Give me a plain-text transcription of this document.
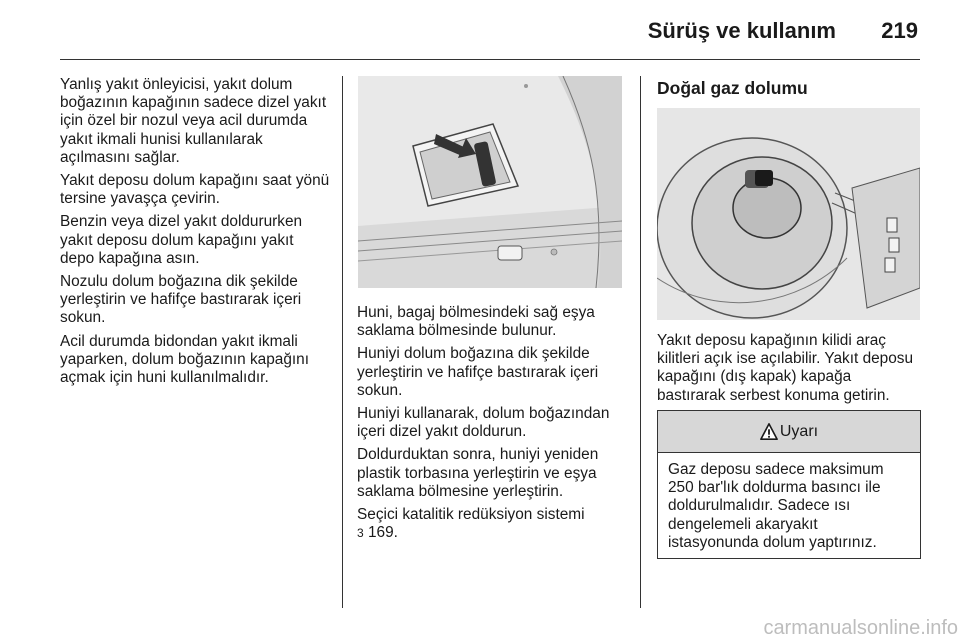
Sürüş ve kullanım 219

Yanlış yakıt önleyicisi, yakıt dolum boğazının kapağının sadece dizel yakıt için özel bir nozul veya acil durumda yakıt ikmali hunisi kullanılarak açılmasını sağlar.

Yakıt deposu dolum kapağını saat yönü tersine yavaşça çevirin.

Benzin veya dizel yakıt doldururken yakıt deposu dolum kapağını yakıt depo kapağına asın.

Nozulu dolum boğazına dik şekilde yerleştirin ve hafifçe bastırarak içeri sokun.

Acil durumda bidondan yakıt ikmali yaparken, dolum boğazının kapağını açmak için huni kullanılmalıdır.

Huni, bagaj bölmesindeki sağ eşya saklama bölmesinde bulunur.

Huniyi dolum boğazına dik şekilde yerleştirin ve hafifçe bastırarak içeri sokun.

Huniyi kullanarak, dolum boğazından içeri dizel yakıt doldurun.

Doldurduktan sonra, huniyi yeniden plastik torbasına yerleştirin ve eşya saklama bölmesine yerleştirin.

Seçici katalitik redüksiyon sistemi
3 169.

Doğal gaz dolumu

Yakıt deposu kapağının kilidi araç kilitleri açık ise açılabilir. Yakıt deposu kapağını (dış kapak) kapağa bastırarak serbest konuma getirin.

Uyarı
Gaz deposu sadece maksimum 250 bar'lık doldurma basıncı ile doldurulmalıdır. Sadece ısı dengelemeli akaryakıt istasyonunda dolum yaptırınız.
carmanualsonline.info
